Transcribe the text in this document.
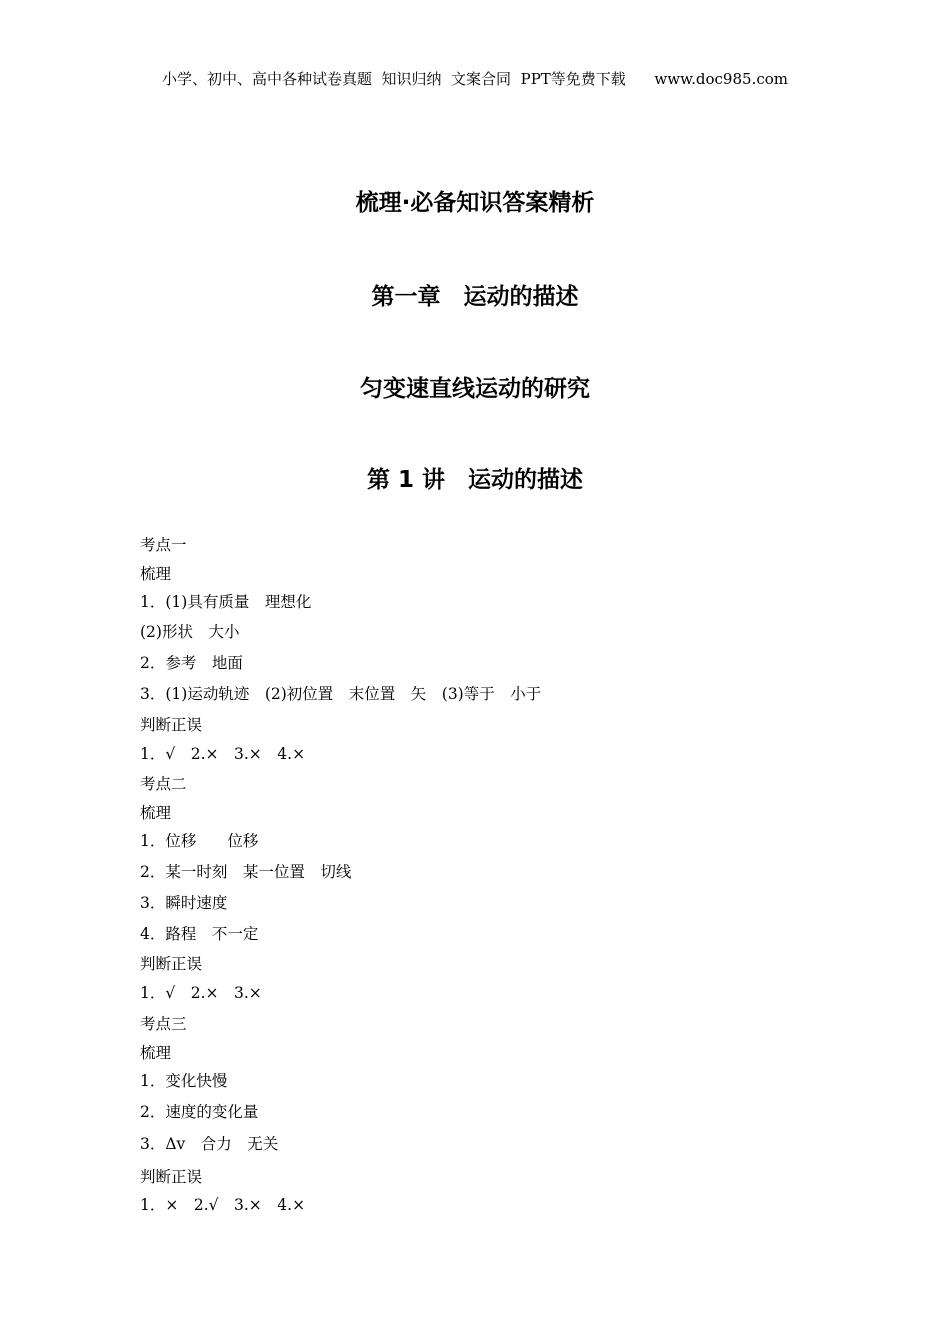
小学、初中、高中各种试卷真题  知识归纳  文案合同  PPT等免费下载      www.doc985.com
梳理·必备知识答案精析
第一章　运动的描述
匀变速直线运动的研究
第 1 讲　运动的描述
考点一
梳理
1．(1)具有质量　理想化
(2)形状　大小
2．参考　地面
3．(1)运动轨迹　(2)初位置　末位置　矢　(3)等于　小于
判断正误
1．√　2.×　3.×　4.×
考点二
梳理
1．位移　　位移
2．某一时刻　某一位置　切线
3．瞬时速度
4．路程　不一定
判断正误
1．√　2.×　3.×
考点三
梳理
1．变化快慢
2．速度的变化量
3．Δv　合力　无关
判断正误
1．×　2.√　3.×　4.×
